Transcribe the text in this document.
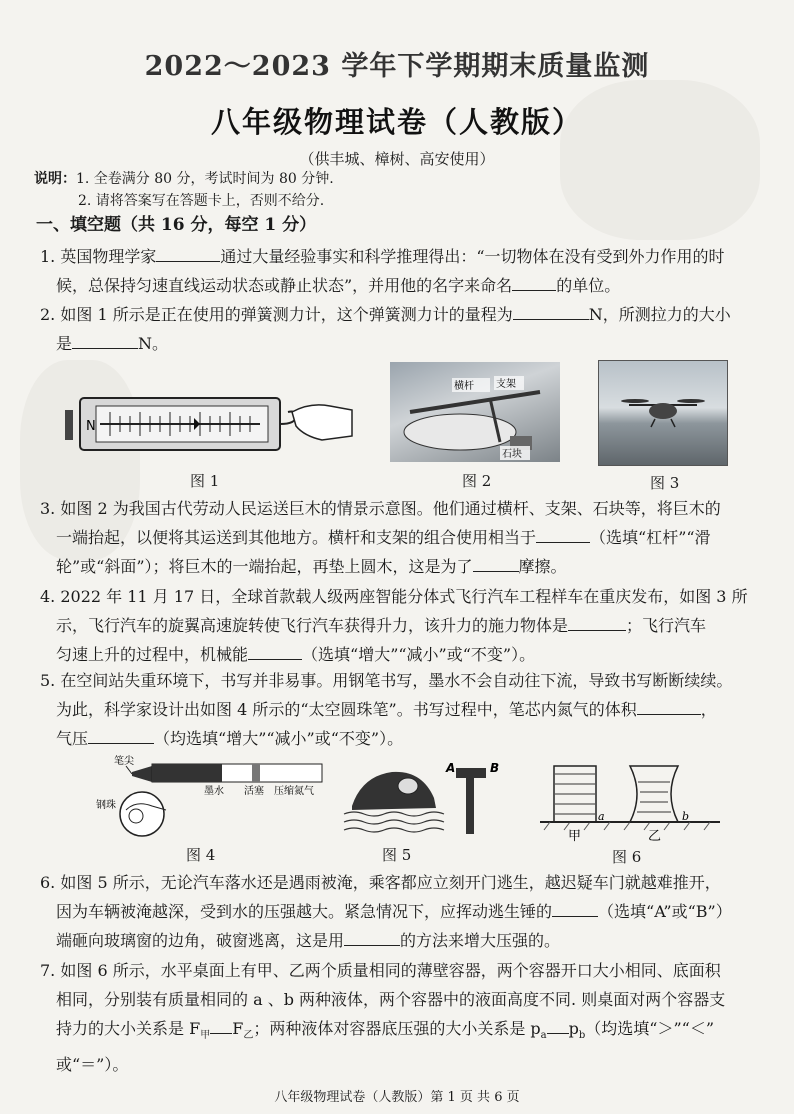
2022～2023 学年下学期期末质量监测
八年级物理试卷（人教版）
（供丰城、樟树、高安使用）
说明：1. 全卷满分 80 分，考试时间为 80 分钟.
2. 请将答案写在答题卡上，否则不给分.
一、填空题（共 16 分，每空 1 分）
1. 英国物理学家	通过大量经验事实和科学推理得出：“一切物体在没有受到外力作用的时
候，总保持匀速直线运动状态或静止状态”，并用他的名字来命名	的单位。
2. 如图 1 所示是正在使用的弹簧测力计，这个弹簧测力计的量程为	N，所测拉力的大小
是	N。
N
图 1
横杆 支架
石块
图 2	图 3
3. 如图 2 为我国古代劳动人民运送巨木的情景示意图。他们通过横杆、支架、石块等，将巨木的
一端抬起，以便将其运送到其他地方。横杆和支架的组合使用相当于	（选填“杠杆”“滑
轮”或“斜面”）；将巨木的一端抬起，再垫上圆木，这是为了	摩擦。
4. 2022 年 11 月 17 日，全球首款载人级两座智能分体式飞行汽车工程样车在重庆发布，如图 3 所
示，飞行汽车的旋翼高速旋转使飞行汽车获得升力，该升力的施力物体是	；飞行汽车
匀速上升的过程中，机械能	（选填“增大”“减小”或“不变”）。
5. 在空间站失重环境下，书写并非易事。用钢笔书写，墨水不会自动往下流，导致书写断断续续。
为此，科学家设计出如图 4 所示的“太空圆珠笔”。书写过程中，笔芯内氮气的体积	，
气压	（均选填“增大”“减小”或“不变”）。
笔尖
墨水 活塞 压缩氮气
钢珠
图 4
A	B
图 5
a	b
甲	乙
图 6
6. 如图 5 所示，无论汽车落水还是遇雨被淹，乘客都应立刻开门逃生，越迟疑车门就越难推开，
因为车辆被淹越深，受到水的压强越大。紧急情况下，应挥动逃生锤的	（选填“A”或“B”）
端砸向玻璃窗的边角，破窗逃离，这是用	的方法来增大压强的。
7. 如图 6 所示，水平桌面上有甲、乙两个质量相同的薄壁容器，两个容器开口大小相同、底面积
相同，分别装有质量相同的 a 、b 两种液体，两个容器中的液面高度不同. 则桌面对两个容器支
持力的大小关系是 $F_甲$ $F_乙$；两种液体对容器底压强的大小关系是 $p_a$ $p_b$（均选填“＞”“＜”
或“＝”）。
八年级物理试卷（人教版）第 1 页 共 6 页
